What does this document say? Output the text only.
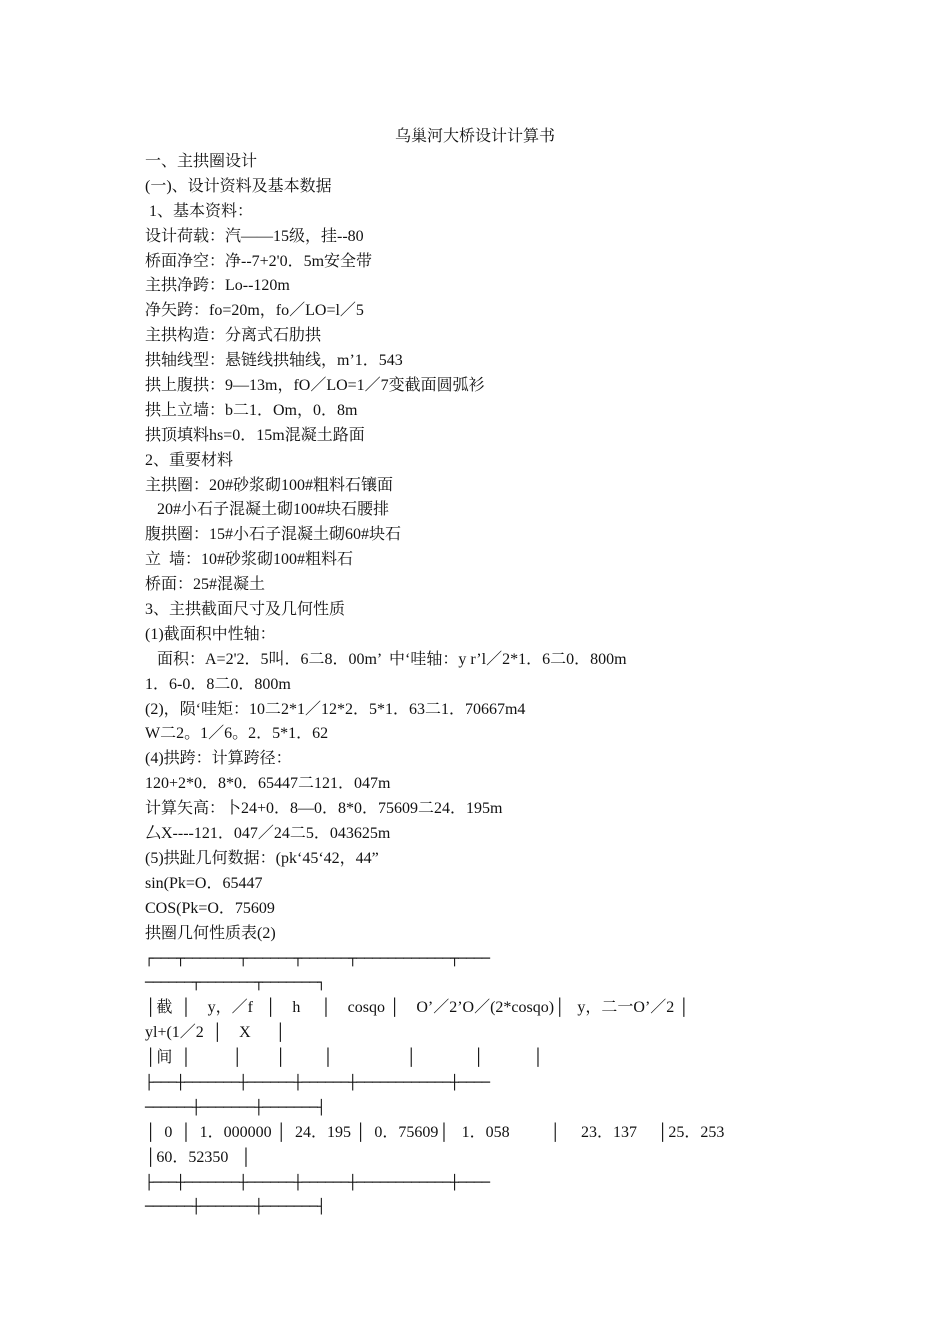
乌巢河大桥设计计算书
一、主拱圈设计
(一)、设计资料及基本数据
1、基本资料：
设计荷载：汽——15级，挂--80
桥面净空：净--7+2'0．5m安全带
主拱净跨：Lo--120m
净矢跨：fo=20m，fo／LO=l／5
主拱构造：分离式石肋拱
拱轴线型：悬链线拱轴线，m’1．543
拱上腹拱：9—13m，fO／LO=1／7变截面圆弧衫
拱上立墙：b二1．Om，0．8m
拱顶填料hs=0．15m混凝土路面
2、重要材料
主拱圈：20#砂浆砌100#粗料石镶面
20#小石子混凝土砌100#块石腰排
腹拱圈：15#小石子混凝土砌60#块石
立  墙：10#砂浆砌100#粗料石
桥面：25#混凝土
3、主拱截面尺寸及几何性质
(1)截面积中性轴：
面积：A=2'2．5叫．6二8．00m’  中‘哇轴：y r’l／2*1．6二0．800m
1．6-0．8二0．800m
(2)，陨‘哇矩：10二2*1／12*2．5*1．63二1．70667m4
W二2。1／6。2．5*1．62
(4)拱跨：计算跨径：
120+2*0．8*0．65447二121．047m
计算矢高：卜24+0．8—0．8*0．75609二24．195m
厶X----121．047／24二5．043625m
(5)拱趾几何数据：(pk‘45‘42，44”
sin(Pk=O．65447
COS(Pk=O．75609
拱圈几何性质表(2)
┌───┬───────┬──────┬──────┬────────────┬────
──────┬───────┬───────┐
│截  │    y，／f   │    h     │    cosqo │    O’／2’O／(2*cosqo)│   y，二一O’／2 │
yl+(1／2  │    X      │
│间  │          │        │         │                  │              │            │
├───┼───────┼──────┼──────┼────────────┼────
──────┼───────┼───────┤
│  0  │  1．000000 │  24．195 │  0．75609│   1．058          │     23．137     │25．253
│60．52350   │
├───┼───────┼──────┼──────┼────────────┼────
──────┼───────┼───────┤
